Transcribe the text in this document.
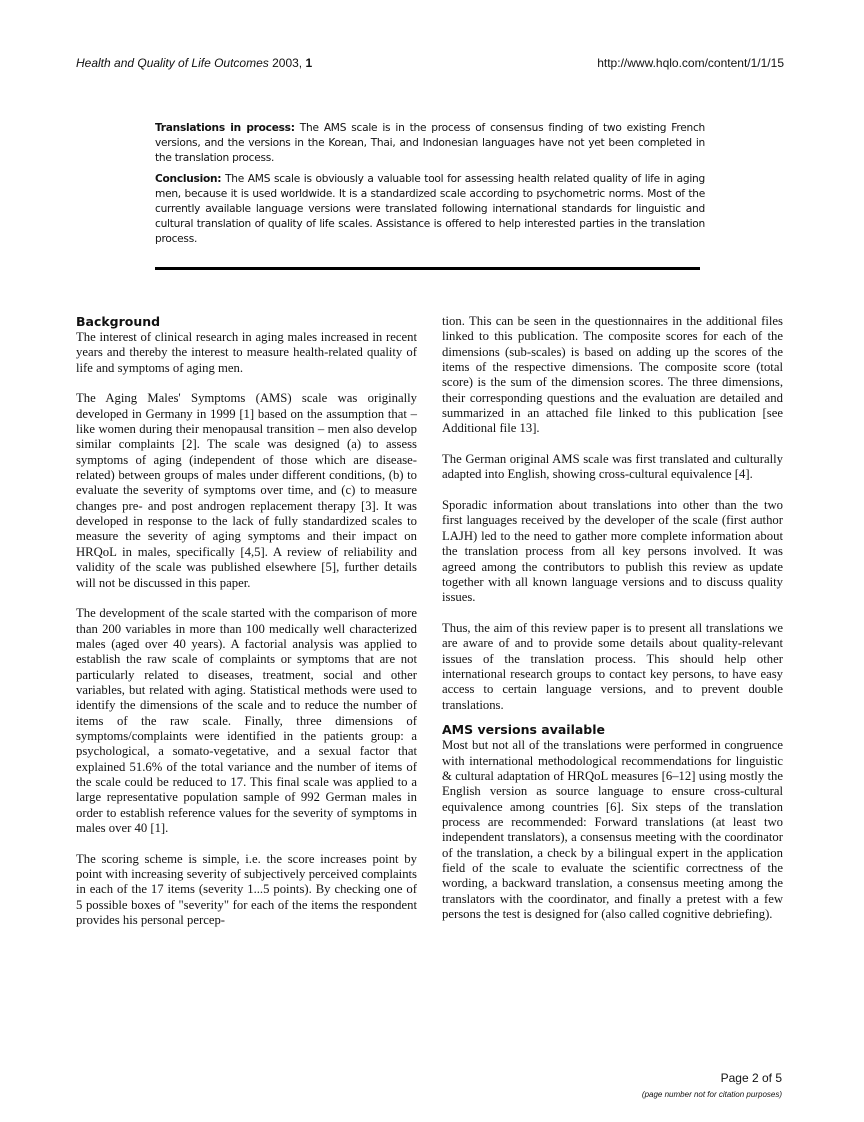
Health and Quality of Life Outcomes 2003, 1	http://www.hqlo.com/content/1/1/15

Translations in process: The AMS scale is in the process of consensus finding of two existing French versions, and the versions in the Korean, Thai, and Indonesian languages have not yet been completed in the translation process.

Conclusion: The AMS scale is obviously a valuable tool for assessing health related quality of life in aging men, because it is used worldwide. It is a standardized scale according to psychometric norms. Most of the currently available language versions were translated following international standards for linguistic and cultural translation of quality of life scales. Assistance is offered to help interested parties in the translation process.

Background

The interest of clinical research in aging males increased in recent years and thereby the interest to measure health-related quality of life and symptoms of aging men.

The Aging Males' Symptoms (AMS) scale was originally developed in Germany in 1999 [1] based on the assumption that – like women during their menopausal transition – men also develop similar complaints [2]. The scale was designed (a) to assess symptoms of aging (independent of those which are disease-related) between groups of males under different conditions, (b) to evaluate the severity of symptoms over time, and (c) to measure changes pre- and post androgen replacement therapy [3]. It was developed in response to the lack of fully standardized scales to measure the severity of aging symptoms and their impact on HRQoL in males, specifically [4,5]. A review of reliability and validity of the scale was published elsewhere [5], further details will not be discussed in this paper.

The development of the scale started with the comparison of more than 200 variables in more than 100 medically well characterized males (aged over 40 years). A factorial analysis was applied to establish the raw scale of complaints or symptoms that are not particularly related to diseases, treatment, social and other variables, but related with aging. Statistical methods were used to identify the dimensions of the scale and to reduce the number of items of the raw scale. Finally, three dimensions of symptoms/complaints were identified in the patients group: a psychological, a somato-vegetative, and a sexual factor that explained 51.6% of the total variance and the number of items of the scale could be reduced to 17. This final scale was applied to a large representative population sample of 992 German males in order to establish reference values for the severity of symptoms in males over 40 [1].

The scoring scheme is simple, i.e. the score increases point by point with increasing severity of subjectively perceived complaints in each of the 17 items (severity 1...5 points). By checking one of 5 possible boxes of "severity" for each of the items the respondent provides his personal percep-

tion. This can be seen in the questionnaires in the additional files linked to this publication. The composite scores for each of the dimensions (sub-scales) is based on adding up the scores of the items of the respective dimensions. The composite score (total score) is the sum of the dimension scores. The three dimensions, their corresponding questions and the evaluation are detailed and summarized in an attached file linked to this publication [see Additional file 13].

The German original AMS scale was first translated and culturally adapted into English, showing cross-cultural equivalence [4].

Sporadic information about translations into other than the two first languages received by the developer of the scale (first author LAJH) led to the need to gather more complete information about the translation process from all key persons involved. It was agreed among the contributors to publish this review as update together with all known language versions and to discuss quality issues.

Thus, the aim of this review paper is to present all translations we are aware of and to provide some details about quality-relevant issues of the translation process. This should help other international research groups to contact key persons, to have easy access to certain language versions, and to prevent double translations.

AMS versions available

Most but not all of the translations were performed in congruence with international methodological recommendations for linguistic & cultural adaptation of HRQoL measures [6–12] using mostly the English version as source language to ensure cross-cultural equivalence among countries [6]. Six steps of the translation process are recommended: Forward translations (at least two independent translators), a consensus meeting with the coordinator of the translation, a check by a bilingual expert in the application field of the scale to evaluate the scientific correctness of the wording, a backward translation, a consensus meeting among the translators with the coordinator, and finally a pretest with a few persons the test is designed for (also called cognitive debriefing).

Page 2 of 5
(page number not for citation purposes)
